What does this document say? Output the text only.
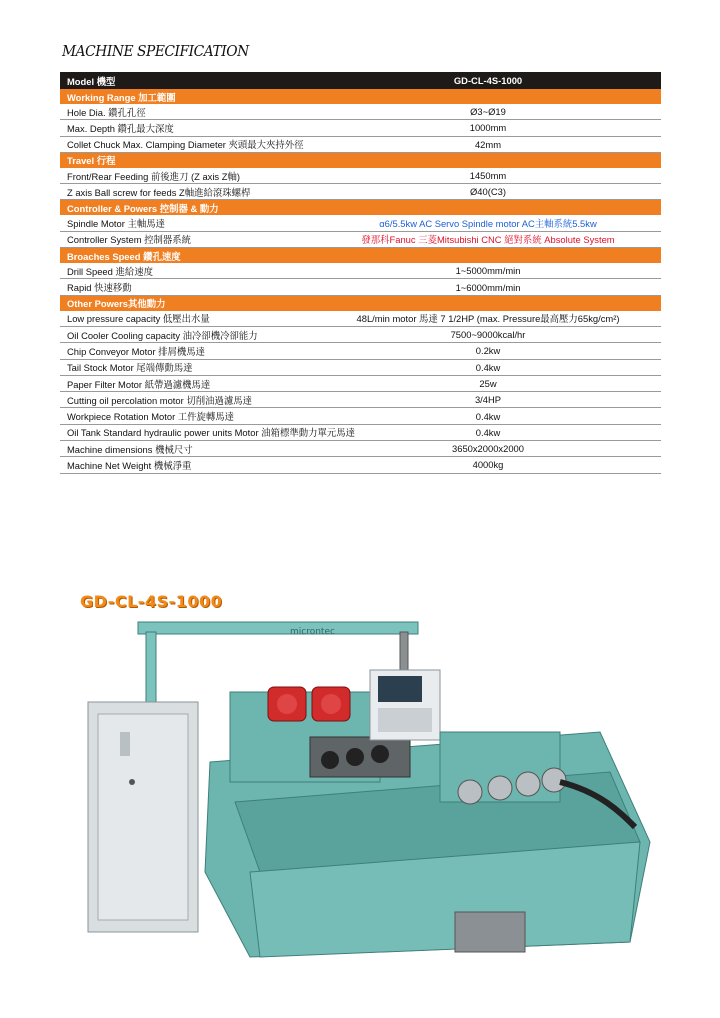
MACHINE SPECIFICATION
Model 機型	GD-CL-4S-1000
Working Range 加工範圍
Hole Dia. 鑽孔孔徑	Ø3~Ø19
Max. Depth 鑽孔最大深度	1000mm
Collet Chuck Max. Clamping Diameter 夾頭最大夾持外徑	42mm
Travel 行程
Front/Rear Feeding 前後進刀 (Z axis Z軸)	1450mm
Z axis Ball screw for feeds Z軸進給滾珠螺桿	Ø40(C3)
Controller & Powers 控制器 & 動力
Spindle Motor 主軸馬達	α6/5.5kw AC Servo Spindle motor AC主軸系統5.5kw
Controller System 控制器系統	發那科Fanuc 三菱Mitsubishi CNC 絕對系統 Absolute System
Broaches Speed 鑽孔速度
Drill Speed 進給速度	1~5000mm/min
Rapid 快速移動	1~6000mm/min
Other Powers其他動力
Low pressure capacity 低壓出水量	48L/min motor 馬達 7 1/2HP (max. Pressure最高壓力65kg/cm²)
Oil Cooler Cooling capacity 油冷卻機冷卻能力	7500~9000kcal/hr
Chip Conveyor Motor 排屑機馬達	0.2kw
Tail Stock Motor 尾端傳動馬達	0.4kw
Paper Filter Motor 紙帶過濾機馬達	25w
Cutting oil percolation motor 切削油過濾馬達	3/4HP
Workpiece Rotation Motor 工件旋轉馬達	0.4kw
Oil Tank Standard hydraulic power units Motor 油箱標準動力單元馬達	0.4kw
Machine dimensions 機械尺寸	3650x2000x2000
Machine Net Weight 機械淨重	4000kg
GD-CL-4S-1000
microntec
